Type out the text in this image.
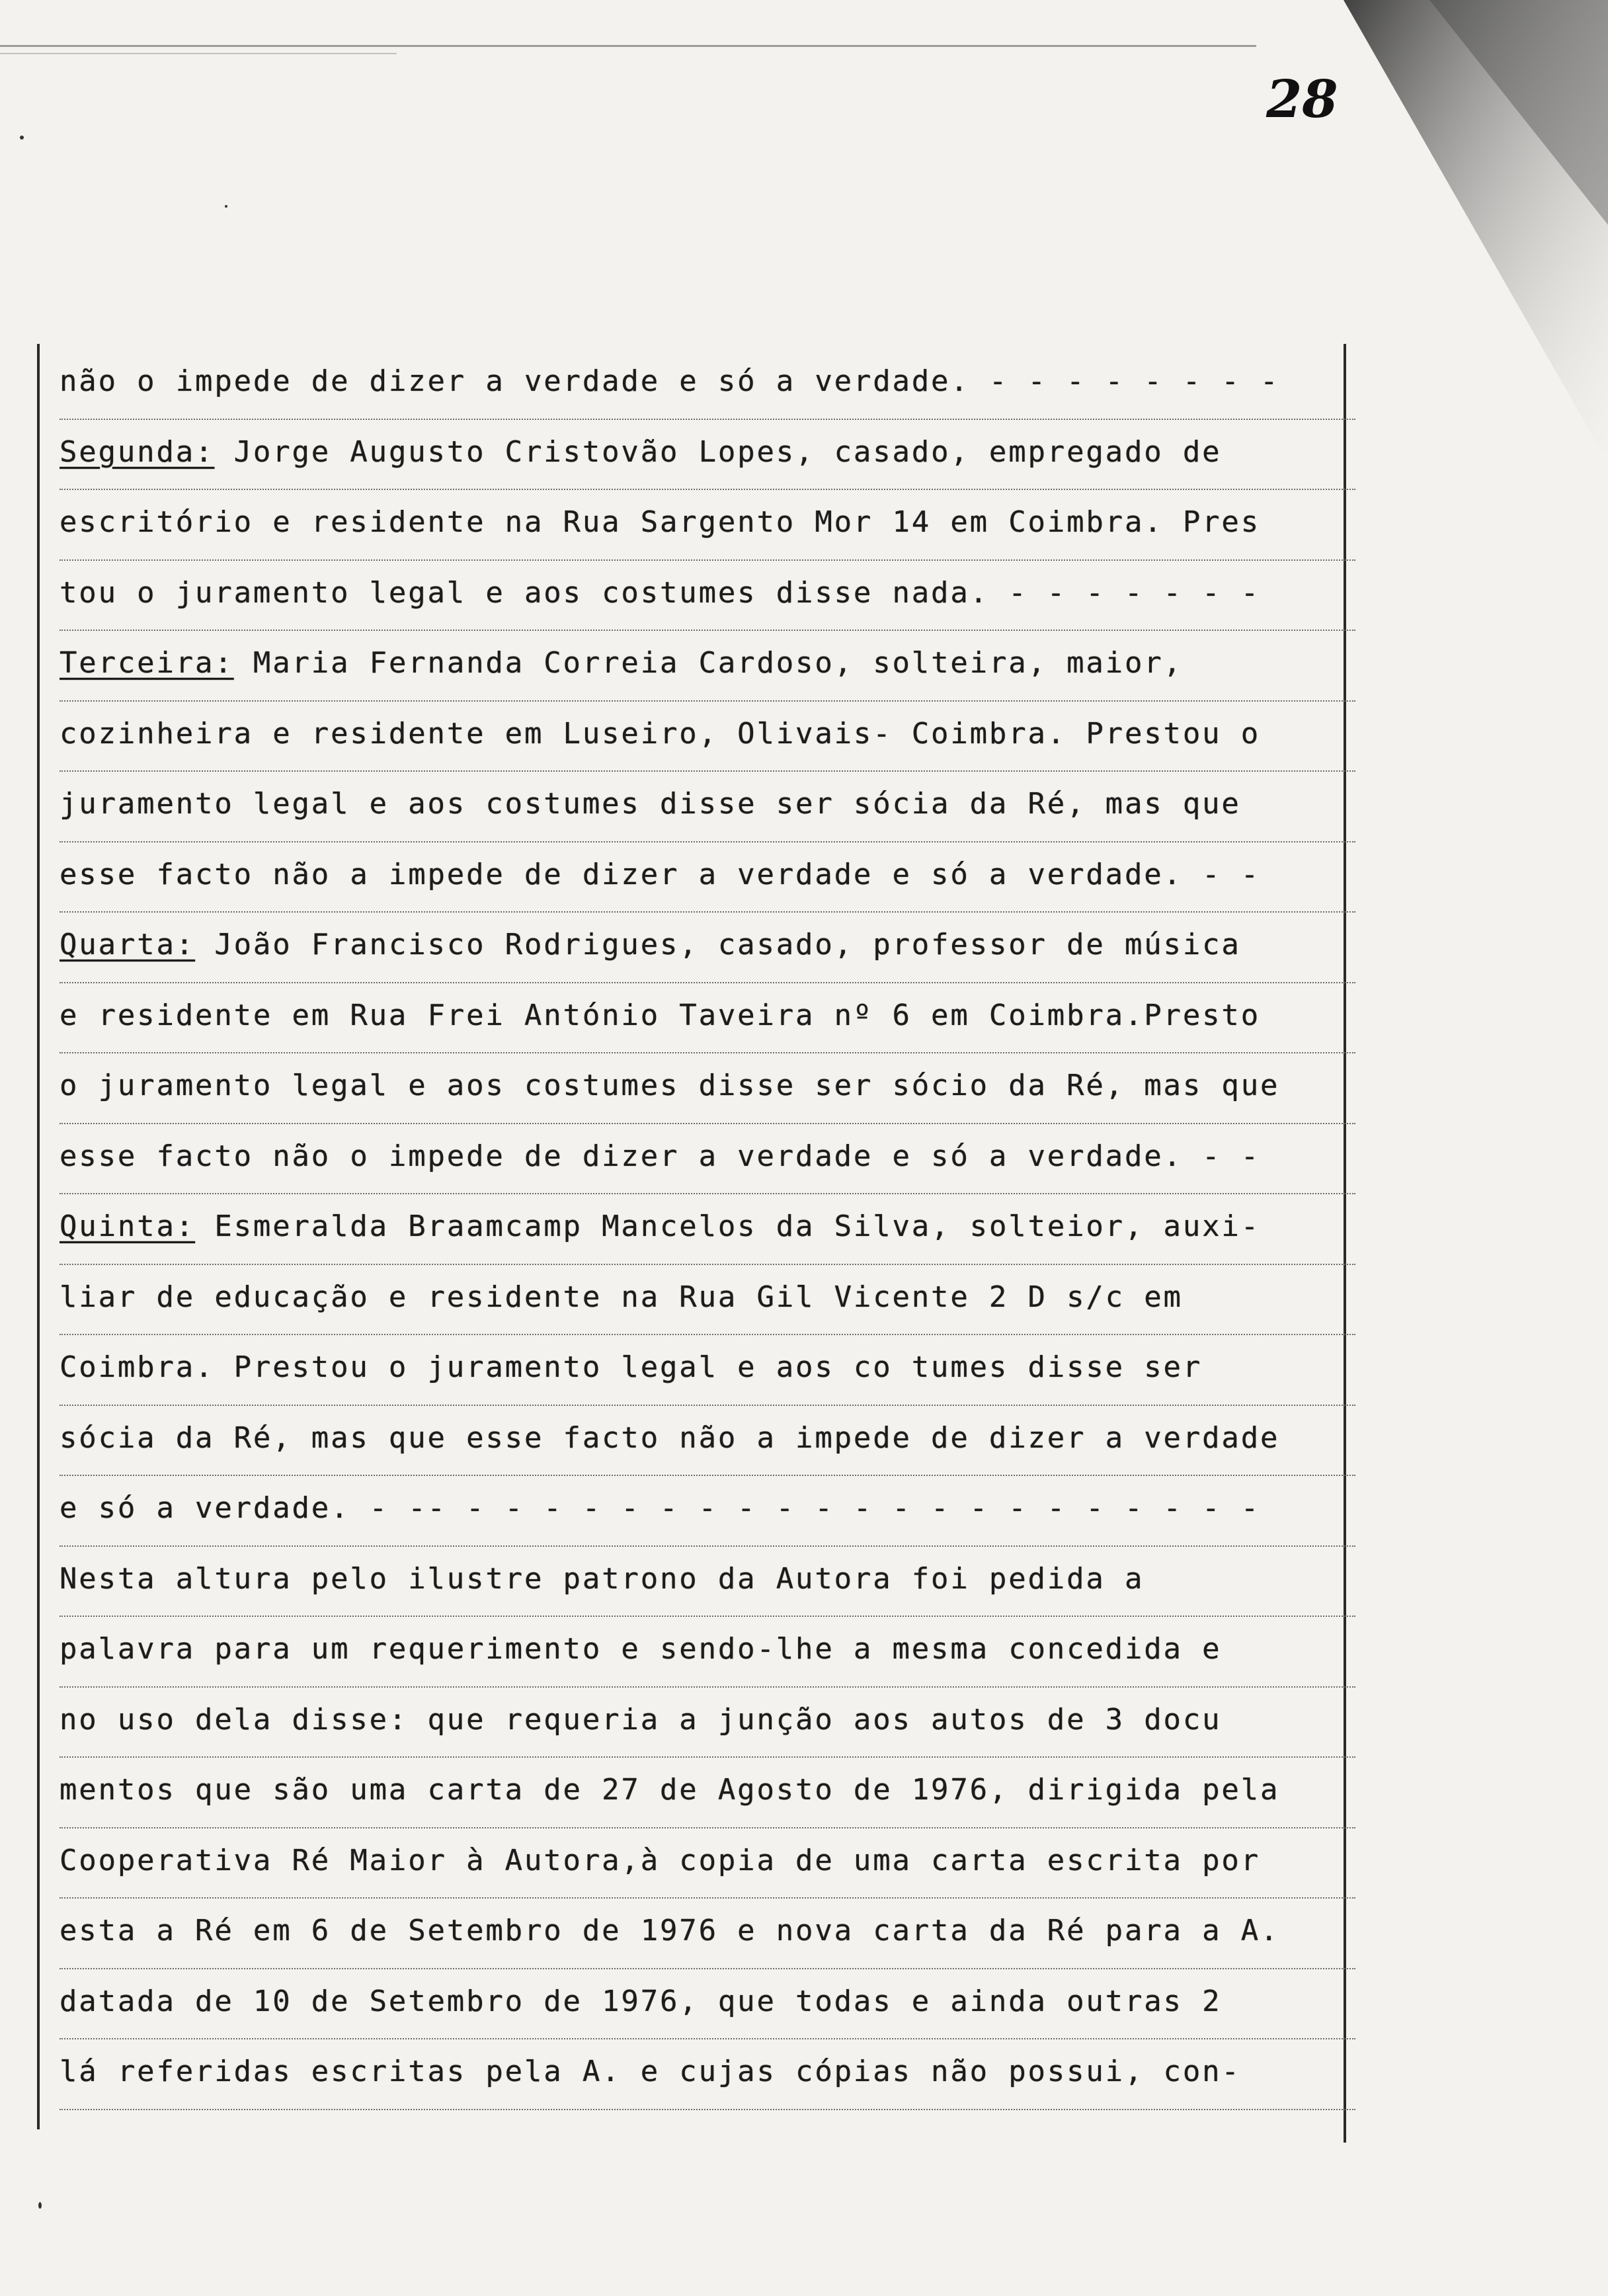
28
não o impede de dizer a verdade e só a verdade. - - - - - - - -
Segunda: Jorge Augusto Cristovão Lopes, casado, empregado de
escritório e residente na Rua Sargento Mor 14 em Coimbra. Pres
tou o juramento legal e aos costumes disse nada. - - - - - - -
Terceira: Maria Fernanda Correia Cardoso, solteira, maior,
cozinheira e residente em Luseiro, Olivais- Coimbra. Prestou o
juramento legal e aos costumes disse ser sócia da Ré, mas que
esse facto não a impede de dizer a verdade e só a verdade. - -
Quarta: João Francisco Rodrigues, casado, professor de música
e residente em Rua Frei António Taveira nº 6 em Coimbra.Presto
o juramento legal e aos costumes disse ser sócio da Ré, mas que
esse facto não o impede de dizer a verdade e só a verdade. - -
Quinta: Esmeralda Braamcamp Mancelos da Silva, solteior, auxi-
liar de educação e residente na Rua Gil Vicente 2 D s/c em
Coimbra. Prestou o juramento legal e aos co tumes disse ser
sócia da Ré, mas que esse facto não a impede de dizer a verdade
e só a verdade. - -- - - - - - - - - - - - - - - - - - - - - -
Nesta altura pelo ilustre patrono da Autora foi pedida a
palavra para um requerimento e sendo-lhe a mesma concedida e
no uso dela disse: que requeria a junção aos autos de 3 docu
mentos que são uma carta de 27 de Agosto de 1976, dirigida pela
Cooperativa Ré Maior à Autora,à copia de uma carta escrita por
esta a Ré em 6 de Setembro de 1976 e nova carta da Ré para a A.
datada de 10 de Setembro de 1976, que todas e ainda outras 2
lá referidas escritas pela A. e cujas cópias não possui, con-
